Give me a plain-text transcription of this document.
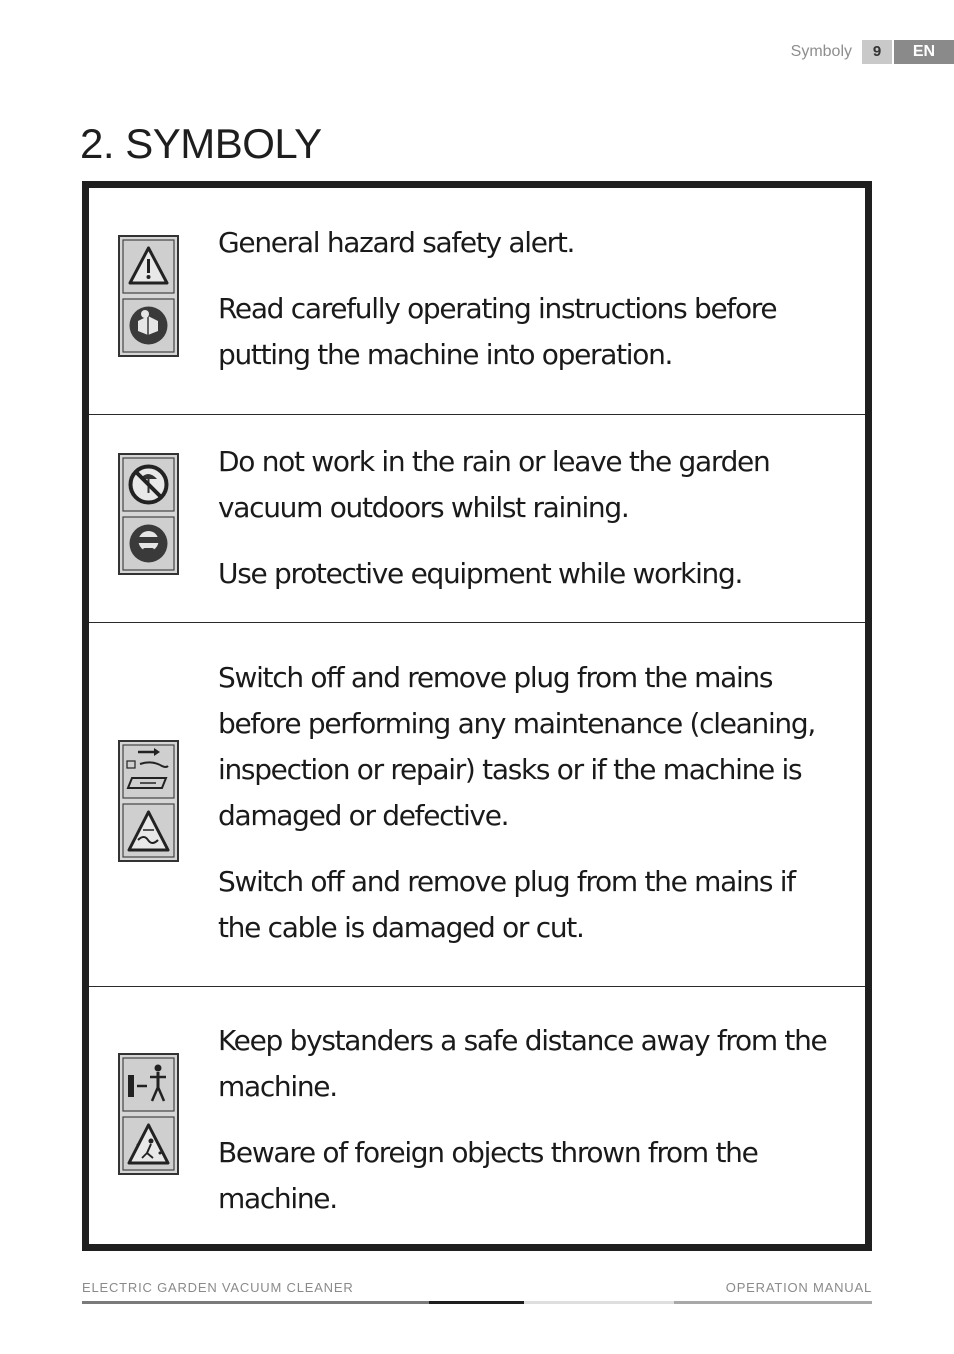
Symboly	9	EN
2. SYMBOLY

General hazard safety alert.

Read carefully operating instructions before putting the machine into operation.

Do not work in the rain or leave the garden vacuum outdoors whilst raining.

Use protective equipment while working.

Switch off and remove plug from the mains before performing any maintenance (cleaning, inspection or repair) tasks or if the machine is damaged or defective.

Switch off and remove plug from the mains if the cable is damaged or cut.

Keep bystanders a safe distance away from the machine.

Beware of foreign objects thrown from the machine.

ELECTRIC GARDEN VACUUM CLEANER	OPERATION MANUAL
